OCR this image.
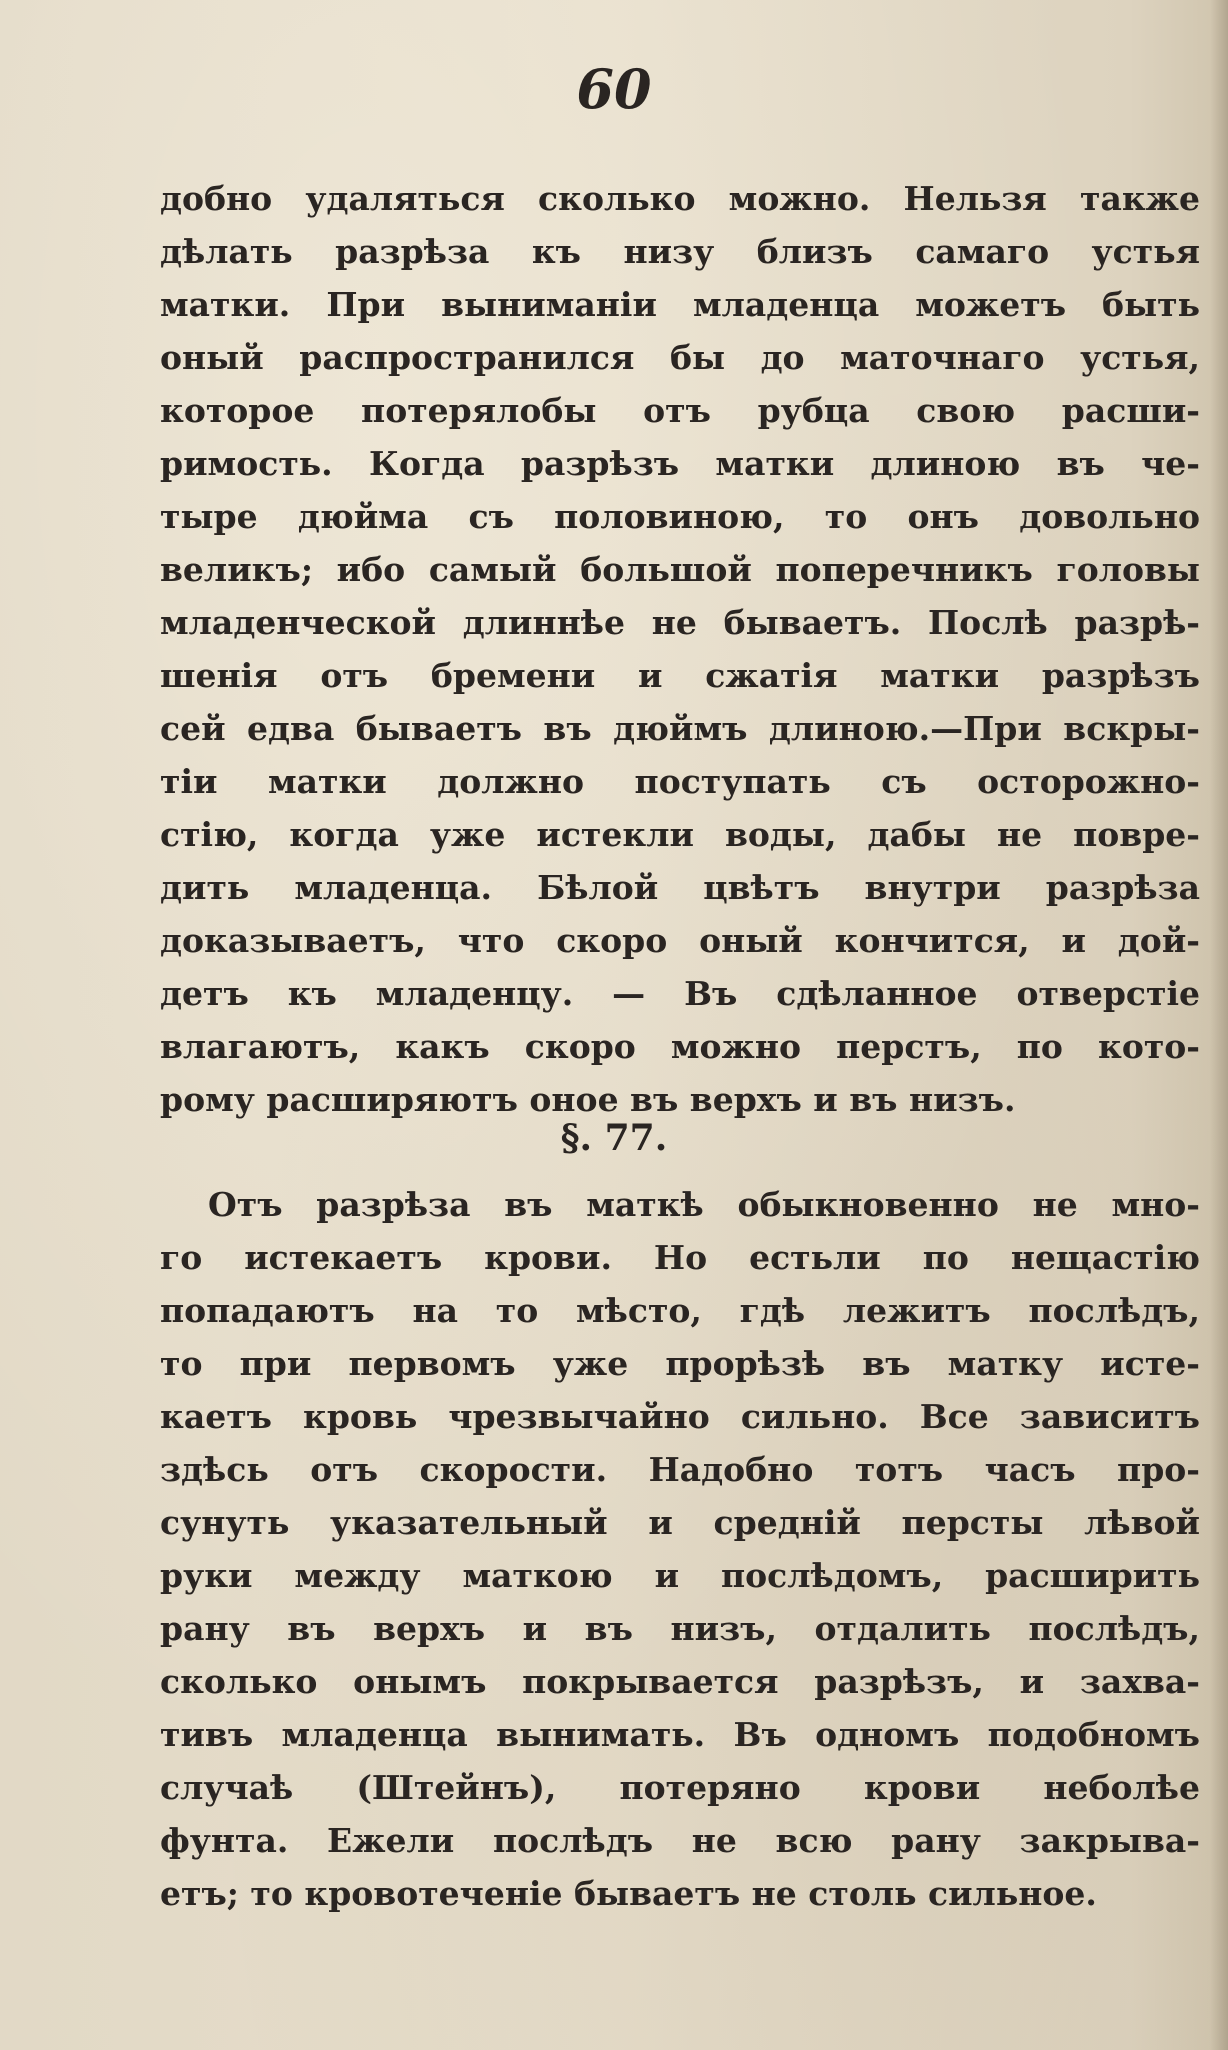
60
добно удаляться сколько можно. Нельзя также
дѣлать разрѣза къ низу близъ самаго устья
матки. При выниманіи младенца можетъ быть
оный распространился бы до маточнаго устья,
которое потерялобы отъ рубца свою расши-
римость. Когда разрѣзъ матки длиною въ че-
тыре дюйма съ половиною, то онъ довольно
великъ; ибо самый большой поперечникъ головы
младенческой длиннѣе не бываетъ. Послѣ разрѣ-
шенія отъ бремени и сжатія матки разрѣзъ
сей едва бываетъ въ дюймъ длиною.—При вскры-
тіи матки должно поступать съ осторожно-
стію, когда уже истекли воды, дабы не повре-
дить младенца. Бѣлой цвѣтъ внутри разрѣза
доказываетъ, что скоро оный кончится, и дой-
детъ къ младенцу. — Въ сдѣланное отверстіе
влагаютъ, какъ скоро можно перстъ, по кото-
рому расширяютъ оное въ верхъ и въ низъ.
§. 77.
Отъ разрѣза въ маткѣ обыкновенно не мно-
го истекаетъ крови. Но естьли по нещастію
попадаютъ на то мѣсто, гдѣ лежитъ послѣдъ,
то при первомъ уже прорѣзѣ въ матку исте-
каетъ кровь чрезвычайно сильно. Все зависитъ
здѣсь отъ скорости. Надобно тотъ часъ про-
сунуть указательный и средній персты лѣвой
руки между маткою и послѣдомъ, расширить
рану въ верхъ и въ низъ, отдалить послѣдъ,
сколько онымъ покрывается разрѣзъ, и захва-
тивъ младенца вынимать. Въ одномъ подобномъ
случаѣ (Штейнъ), потеряно крови неболѣе
фунта. Ежели послѣдъ не всю рану закрыва-
етъ; то кровотеченіе бываетъ не столь сильное.
